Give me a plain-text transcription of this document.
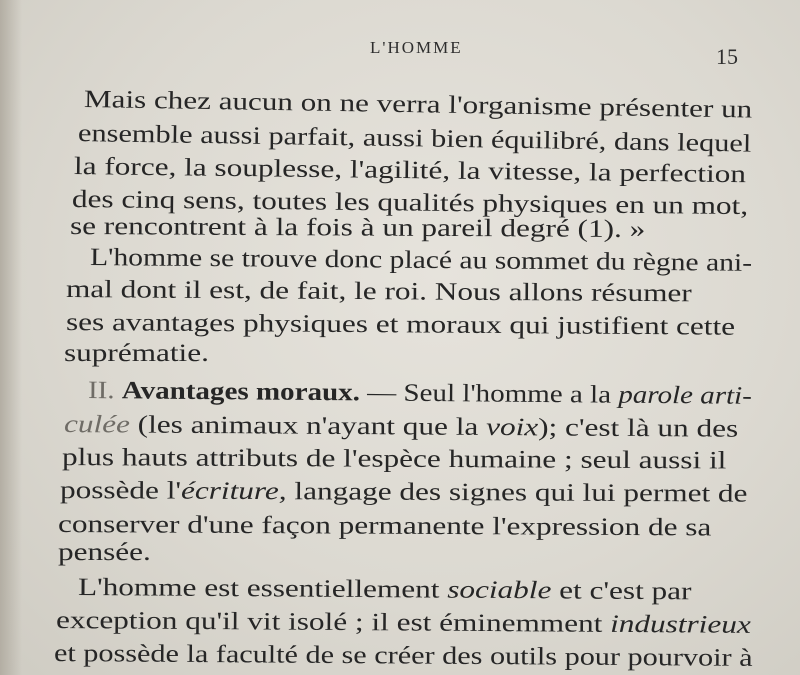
L'HOMME	15
Mais chez aucun on ne verra l'organisme présenter un
ensemble aussi parfait, aussi bien équilibré, dans lequel
la force, la souplesse, l'agilité, la vitesse, la perfection
des cinq sens, toutes les qualités physiques en un mot,
se rencontrent à la fois à un pareil degré (1). »
L'homme se trouve donc placé au sommet du règne ani-
mal dont il est, de fait, le roi. Nous allons résumer
ses avantages physiques et moraux qui justifient cette
suprématie.
II. Avantages moraux. — Seul l'homme a la parole arti-
culée (les animaux n'ayant que la voix); c'est là un des
plus hauts attributs de l'espèce humaine ; seul aussi il
possède l'écriture, langage des signes qui lui permet de
conserver d'une façon permanente l'expression de sa
pensée.
L'homme est essentiellement sociable et c'est par
exception qu'il vit isolé ; il est éminemment industrieux
et possède la faculté de se créer des outils pour pourvoir à
